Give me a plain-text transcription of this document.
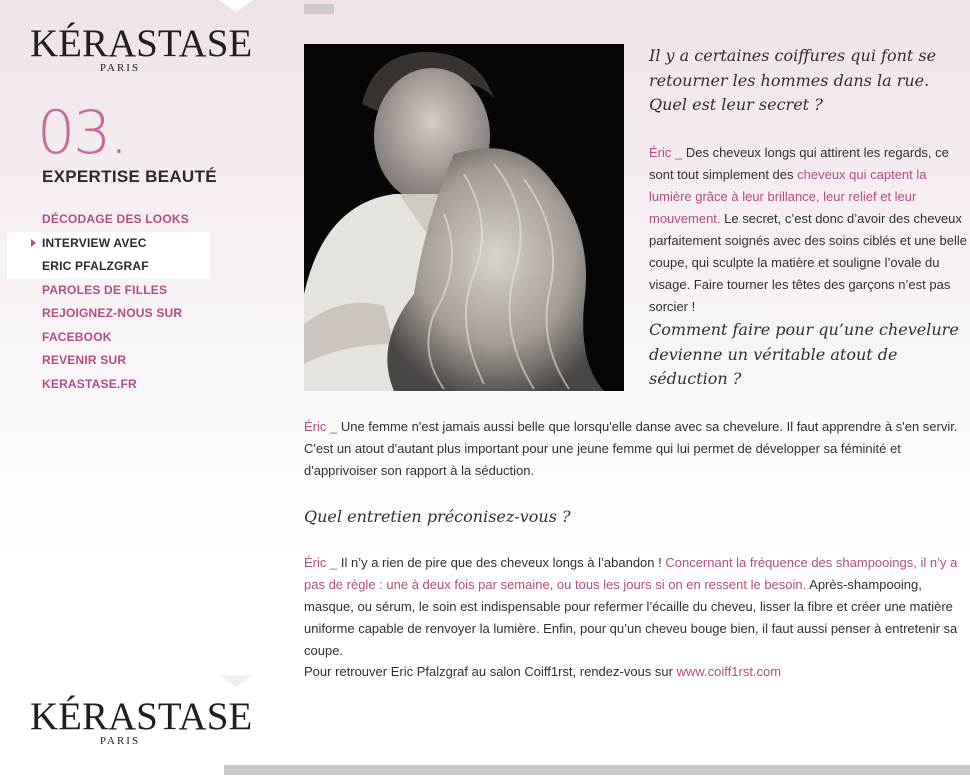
KÉRASTASE
PARIS
03.
EXPERTISE BEAUTÉ
DÉCODAGE DES LOOKS
INTERVIEW AVEC
ERIC PFALZGRAF
PAROLES DE FILLES
REJOIGNEZ-NOUS SUR
FACEBOOK
REVENIR SUR KERASTASE.FR
Il y a certaines coiffures qui font se retourner les hommes dans la rue. Quel est leur secret ?
Éric _ Des cheveux longs qui attirent les regards, ce sont tout simplement des cheveux qui captent la lumière grâce à leur brillance, leur relief et leur mouvement. Le secret, c’est donc d’avoir des cheveux parfaitement soignés avec des soins ciblés et une belle coupe, qui sculpte la matière et souligne l’ovale du visage. Faire tourner les têtes des garçons n’est pas sorcier !
Comment faire pour qu’une chevelure devienne un véritable atout de séduction ?
Éric _ Une femme n'est jamais aussi belle que lorsqu'elle danse avec sa chevelure. Il faut apprendre à s'en servir. C'est un atout d'autant plus important pour une jeune femme qui lui permet de développer sa féminité et d'apprivoiser son rapport à la séduction.
Quel entretien préconisez-vous ?
Éric _ Il n’y a rien de pire que des cheveux longs à l’abandon ! Concernant la fréquence des shampooings, il n’y a pas de règle : une à deux fois par semaine, ou tous les jours si on en ressent le besoin. Après-shampooing, masque, ou sérum, le soin est indispensable pour refermer l’écaille du cheveu, lisser la fibre et créer une matière uniforme capable de renvoyer la lumière. Enfin, pour qu’un cheveu bouge bien, il faut aussi penser à entretenir sa coupe.
Pour retrouver Eric Pfalzgraf au salon Coiff1rst, rendez-vous sur www.coiff1rst.com
KÉRASTASE
PARIS
